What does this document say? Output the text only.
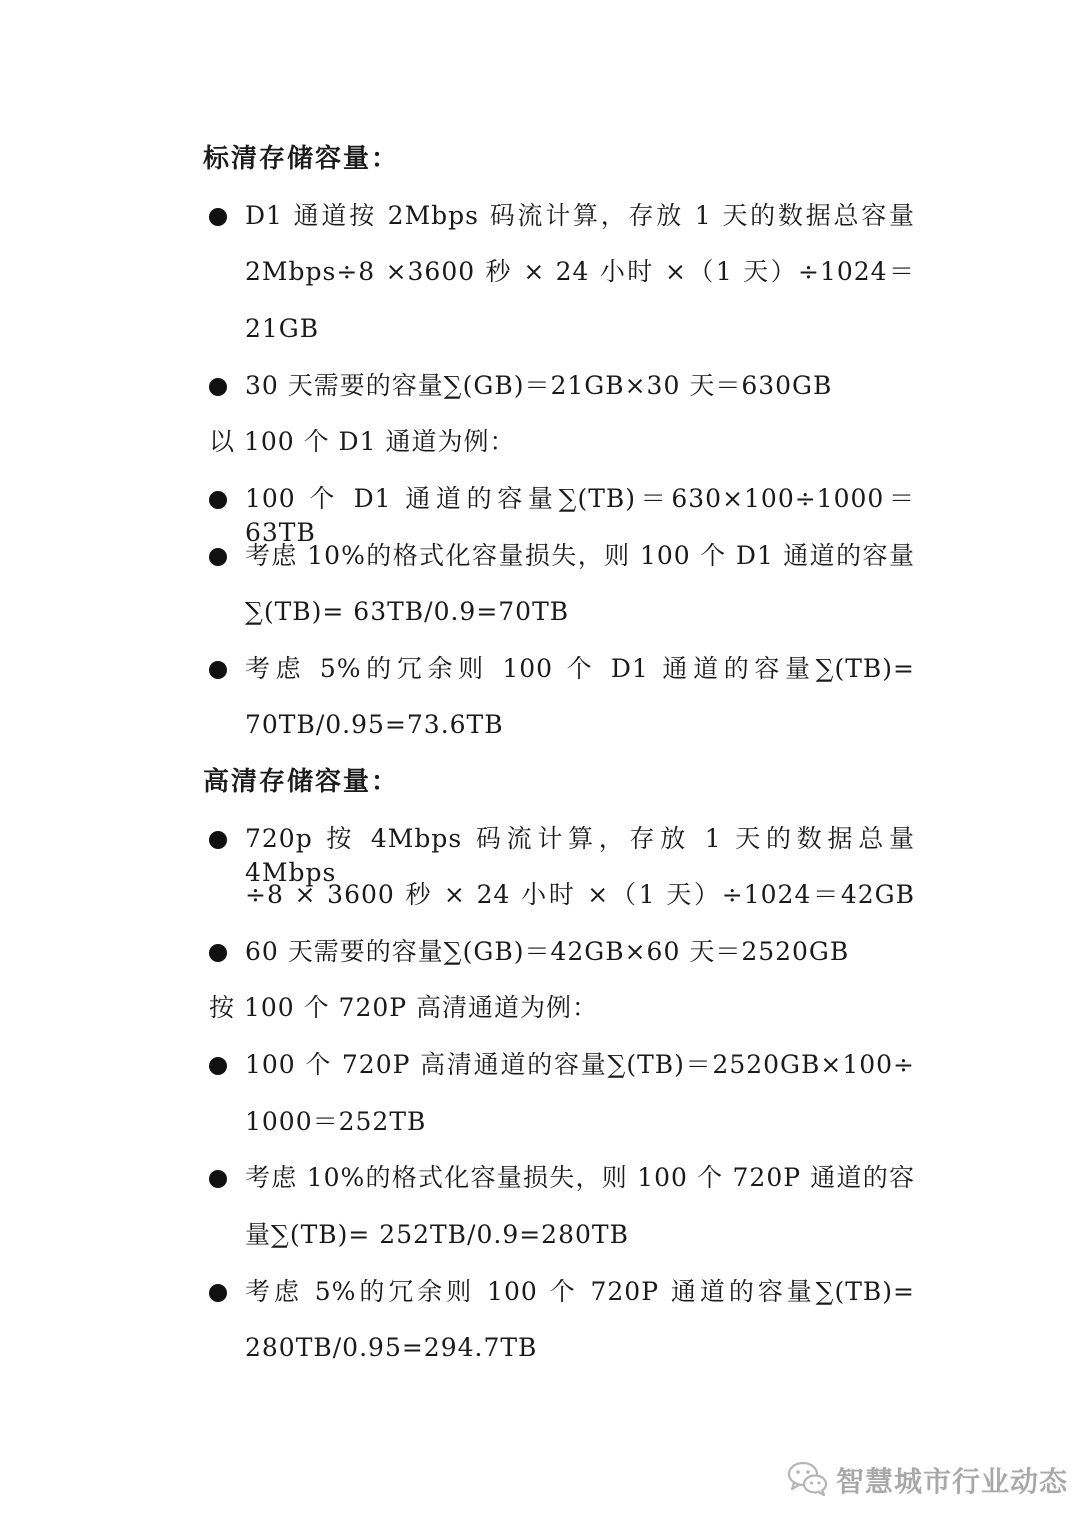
标清存储容量：
D1 通道按 2Mbps 码流计算，存放 1 天的数据总容量
2Mbps÷8 ×3600 秒 × 24 小时 ×（1 天）÷1024＝
21GB
30 天需要的容量∑(GB)＝21GB×30 天＝630GB
以 100 个 D1 通道为例：
100 个 D1 通道的容量∑(TB)＝630×100÷1000＝63TB
考虑 10%的格式化容量损失，则 100 个 D1 通道的容量
∑(TB)= 63TB/0.9=70TB
考虑 5%的冗余则 100 个 D1 通道的容量∑(TB)=
70TB/0.95=73.6TB
高清存储容量：
720p 按 4Mbps 码流计算，存放 1 天的数据总量 4Mbps
÷8 × 3600 秒 × 24 小时 ×（1 天）÷1024＝42GB
60 天需要的容量∑(GB)＝42GB×60 天＝2520GB
按 100 个 720P 高清通道为例：
100 个 720P 高清通道的容量∑(TB)＝2520GB×100÷
1000＝252TB
考虑 10%的格式化容量损失，则 100 个 720P 通道的容
量∑(TB)= 252TB/0.9=280TB
考虑 5%的冗余则 100 个 720P 通道的容量∑(TB)=
280TB/0.95=294.7TB
智慧城市行业动态
